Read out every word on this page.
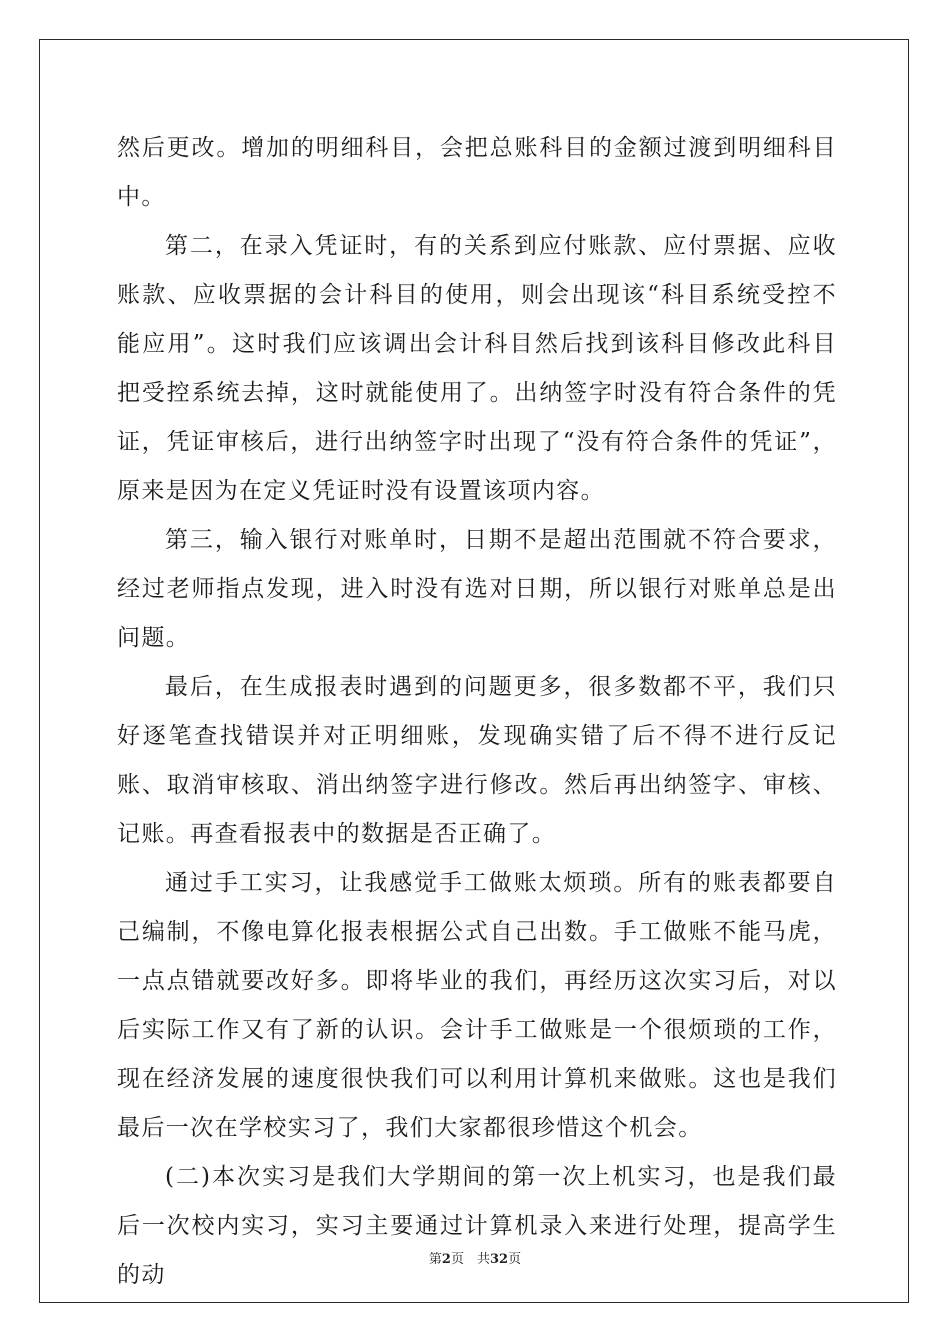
然后更改。增加的明细科目，会把总账科目的金额过渡到明细科目中。

第二，在录入凭证时，有的关系到应付账款、应付票据、应收账款、应收票据的会计科目的使用，则会出现该“科目系统受控不能应用”。这时我们应该调出会计科目然后找到该科目修改此科目把受控系统去掉，这时就能使用了。出纳签字时没有符合条件的凭证，凭证审核后，进行出纳签字时出现了“没有符合条件的凭证”，原来是因为在定义凭证时没有设置该项内容。

第三，输入银行对账单时，日期不是超出范围就不符合要求，经过老师指点发现，进入时没有选对日期，所以银行对账单总是出问题。

最后，在生成报表时遇到的问题更多，很多数都不平，我们只好逐笔查找错误并对正明细账，发现确实错了后不得不进行反记账、取消审核取、消出纳签字进行修改。然后再出纳签字、审核、记账。再查看报表中的数据是否正确了。

通过手工实习，让我感觉手工做账太烦琐。所有的账表都要自己编制，不像电算化报表根据公式自己出数。手工做账不能马虎，一点点错就要改好多。即将毕业的我们，再经历这次实习后，对以后实际工作又有了新的认识。会计手工做账是一个很烦琐的工作，现在经济发展的速度很快我们可以利用计算机来做账。这也是我们最后一次在学校实习了，我们大家都很珍惜这个机会。

(二)本次实习是我们大学期间的第一次上机实习，也是我们最后一次校内实习，实习主要通过计算机录入来进行处理，提高学生的动

第2页　共32页
